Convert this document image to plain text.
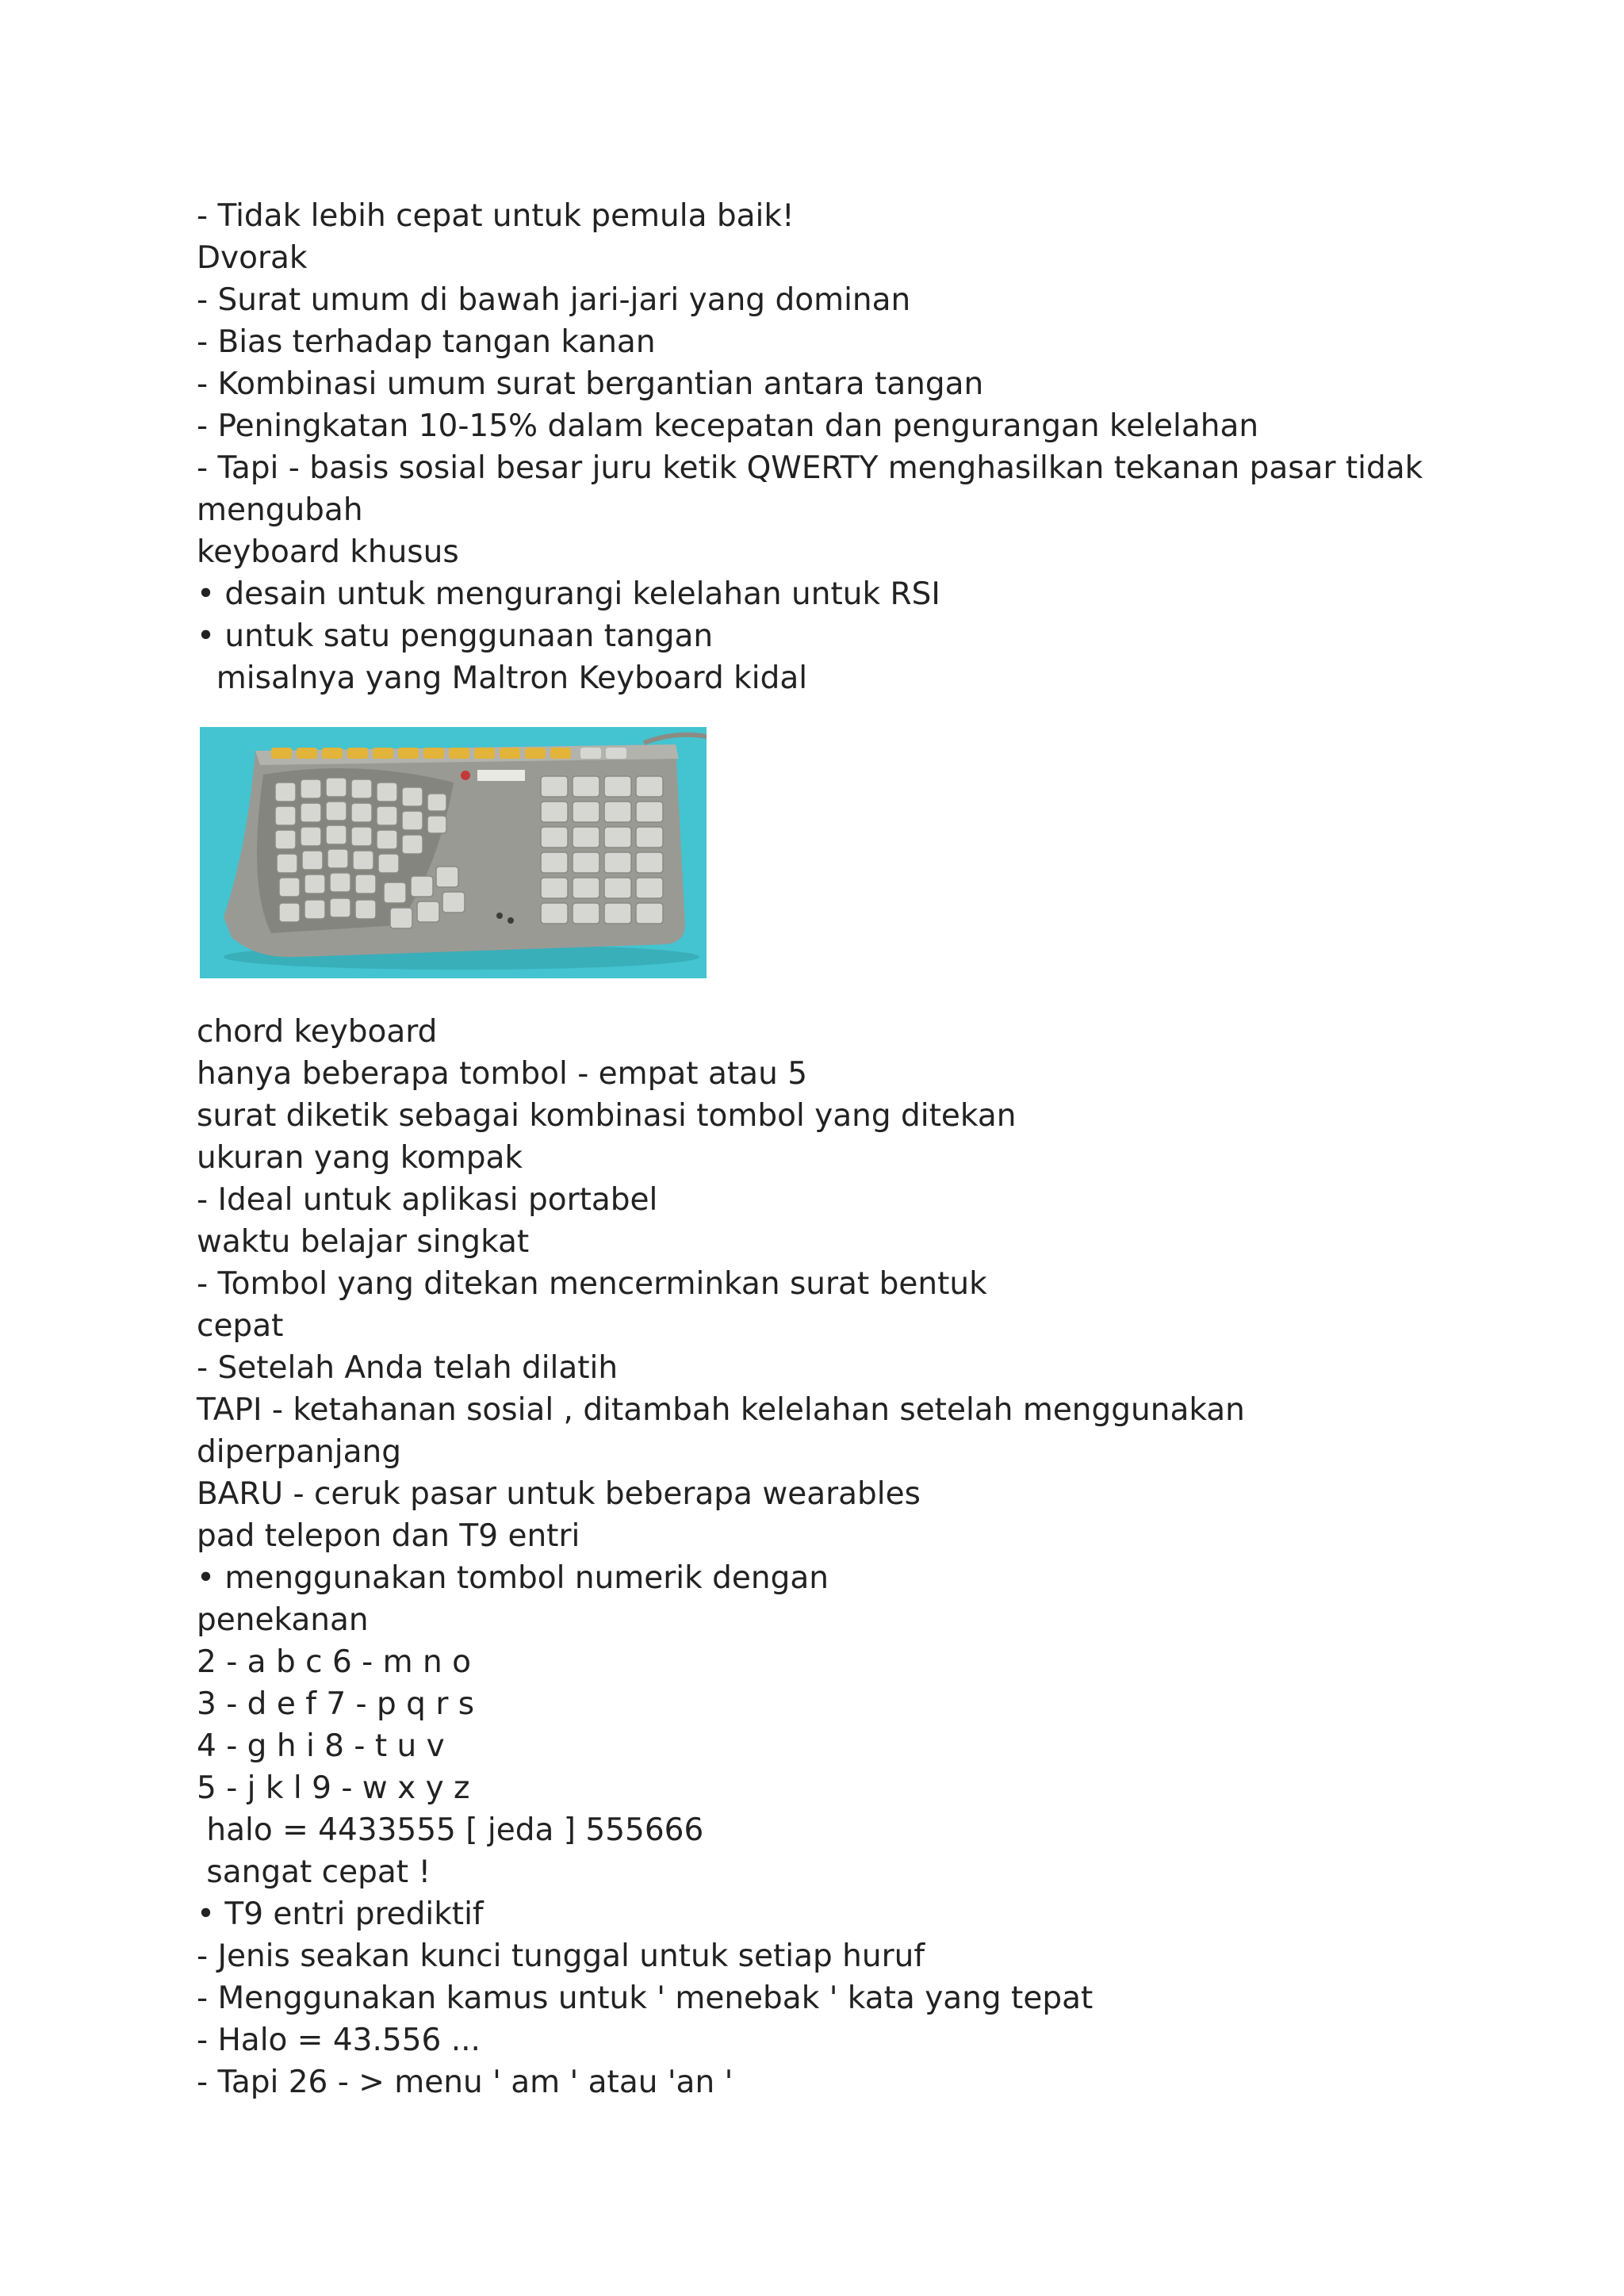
- Tidak lebih cepat untuk pemula baik!
Dvorak
- Surat umum di bawah jari-jari yang dominan
- Bias terhadap tangan kanan
- Kombinasi umum surat bergantian antara tangan
- Peningkatan 10-15% dalam kecepatan dan pengurangan kelelahan
- Tapi - basis sosial besar juru ketik QWERTY menghasilkan tekanan pasar tidak
mengubah
keyboard khusus
• desain untuk mengurangi kelelahan untuk RSI
• untuk satu penggunaan tangan
misalnya yang Maltron Keyboard kidal
chord keyboard
hanya beberapa tombol - empat atau 5
surat diketik sebagai kombinasi tombol yang ditekan
ukuran yang kompak
- Ideal untuk aplikasi portabel
waktu belajar singkat
- Tombol yang ditekan mencerminkan surat bentuk
cepat
- Setelah Anda telah dilatih
TAPI - ketahanan sosial , ditambah kelelahan setelah menggunakan
diperpanjang
BARU - ceruk pasar untuk beberapa wearables
pad telepon dan T9 entri
• menggunakan tombol numerik dengan
penekanan
2 - a b c 6 - m n o
3 - d e f 7 - p q r s
4 - g h i 8 - t u v
5 - j k l 9 - w x y z
halo = 4433555 [ jeda ] 555666
sangat cepat !
• T9 entri prediktif
- Jenis seakan kunci tunggal untuk setiap huruf
- Menggunakan kamus untuk ' menebak ' kata yang tepat
- Halo = 43.556 ...
- Tapi 26 - > menu ' am ' atau 'an '
